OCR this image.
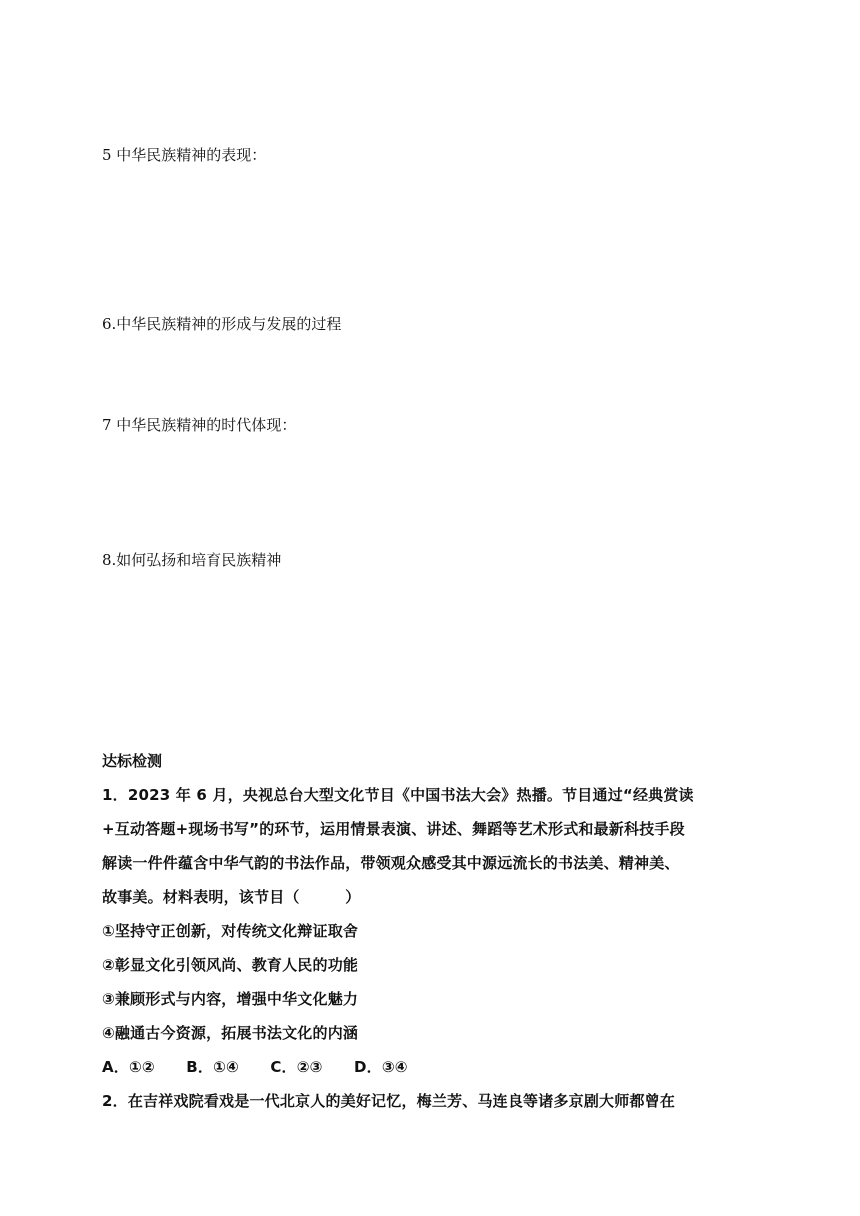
5 中华民族精神的表现：
6.中华民族精神的形成与发展的过程
7 中华民族精神的时代体现：
8.如何弘扬和培育民族精神
达标检测
1．2023 年 6 月，央视总台大型文化节目《中国书法大会》热播。节目通过“经典赏读
+互动答题+现场书写”的环节，运用情景表演、讲述、舞蹈等艺术形式和最新科技手段
解读一件件蕴含中华气韵的书法作品，带领观众感受其中源远流长的书法美、精神美、
故事美。材料表明，该节目（　　　）
①坚持守正创新，对传统文化辩证取舍
②彰显文化引领风尚、教育人民的功能
③兼顾形式与内容，增强中华文化魅力
④融通古今资源，拓展书法文化的内涵
A．①② B．①④ C．②③ D．③④
2．在吉祥戏院看戏是一代北京人的美好记忆，梅兰芳、马连良等诸多京剧大师都曾在
